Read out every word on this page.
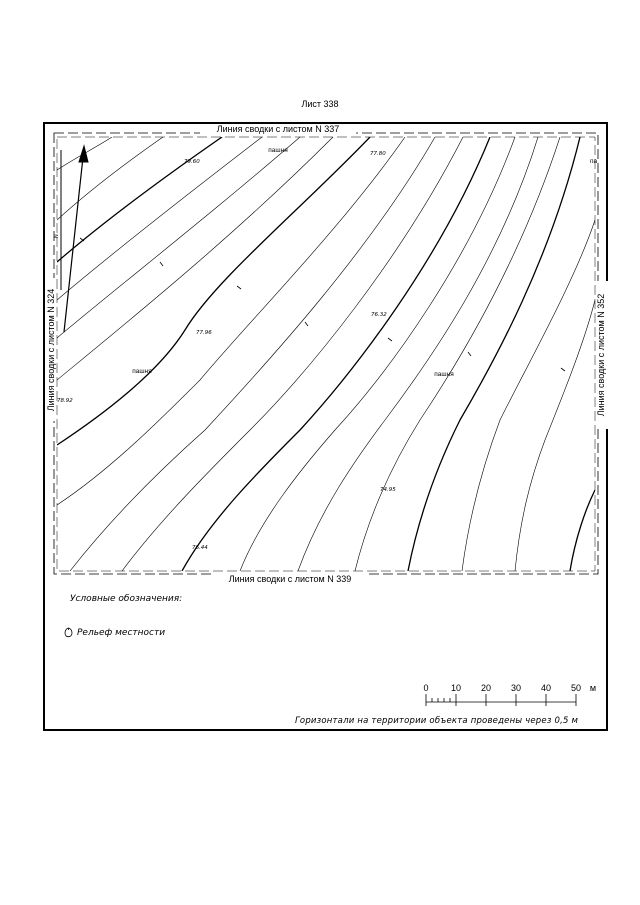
Лист 338
N
Линия сводки с листом N 337
Линия сводки с листом N 339
Линия сводки с листом N 324	Линия сводки с листом N 352
пашня
пашня	пашня
па
79.60
77.80
77.96
76.32
78.92
74.95
76.44
Условные обозначения:
Рельеф местности
0 10 20 30 40 50 м
Горизонтали на территории объекта проведены через 0,5 м
